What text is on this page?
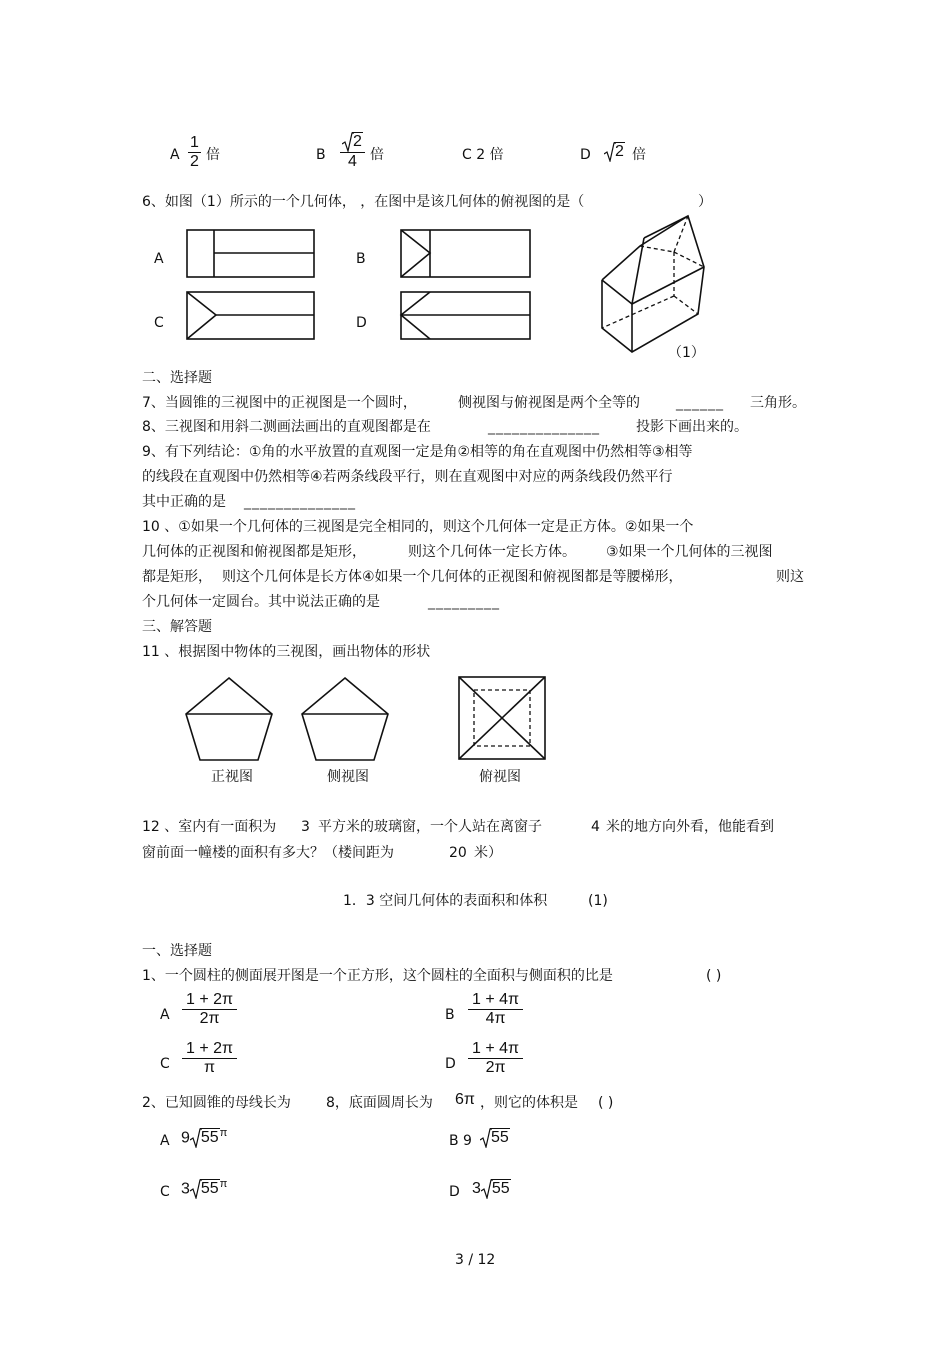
A $\frac{1}{2}$ 倍	B $\frac{2}{4}$ 倍	C 2 倍	D 2 倍
6、如图（1）所示的一个几何体， ，在图中是该几何体的俯视图的是（	）
A	B
C	D
（1）
二、选择题
7、当圆锥的三视图中的正视图是一个圆时，	侧视图与俯视图是两个全等的	______ 三角形。
8、三视图和用斜二测画法画出的直观图都是在	______________	投影下画出来的。
9、有下列结论：①角的水平放置的直观图一定是角②相等的角在直观图中仍然相等③相等
的线段在直观图中仍然相等④若两条线段平行，则在直观图中对应的两条线段仍然平行
其中正确的是 ______________
10 、①如果一个几何体的三视图是完全相同的，则这个几何体一定是正方体。②如果一个
几何体的正视图和俯视图都是矩形，	则这个几何体一定长方体。 ③如果一个几何体的三视图
都是矩形， 则这个几何体是长方体④如果一个几何体的正视图和俯视图都是等腰梯形，	则这
个几何体一定圆台。其中说法正确的是	_________
三、解答题
11 、根据图中物体的三视图，画出物体的形状
正视图	侧视图	俯视图
12 、室内有一面积为 3 平方米的玻璃窗，一个人站在离窗子	4 米的地方向外看，他能看到
窗前面一幢楼的面积有多大？（楼间距为	20 米）
1．3 空间几何体的表面积和体积	(1)
一、选择题
1、一个圆柱的侧面展开图是一个正方形，这个圆柱的全面积与侧面积的比是	( )
A $\frac{1 + 2\pi}{2\pi}$	B $\frac{1 + 4\pi}{4\pi}$
C $\frac{1 + 2\pi}{\pi}$	D $\frac{1 + 4\pi}{2\pi}$
2、已知圆锥的母线长为	8，底面圆周长为 6π ，则它的体积是 ( )
A 9 $55^\pi$	B 9	55
C 3 $55^\pi$	D 3 55
3 / 12
